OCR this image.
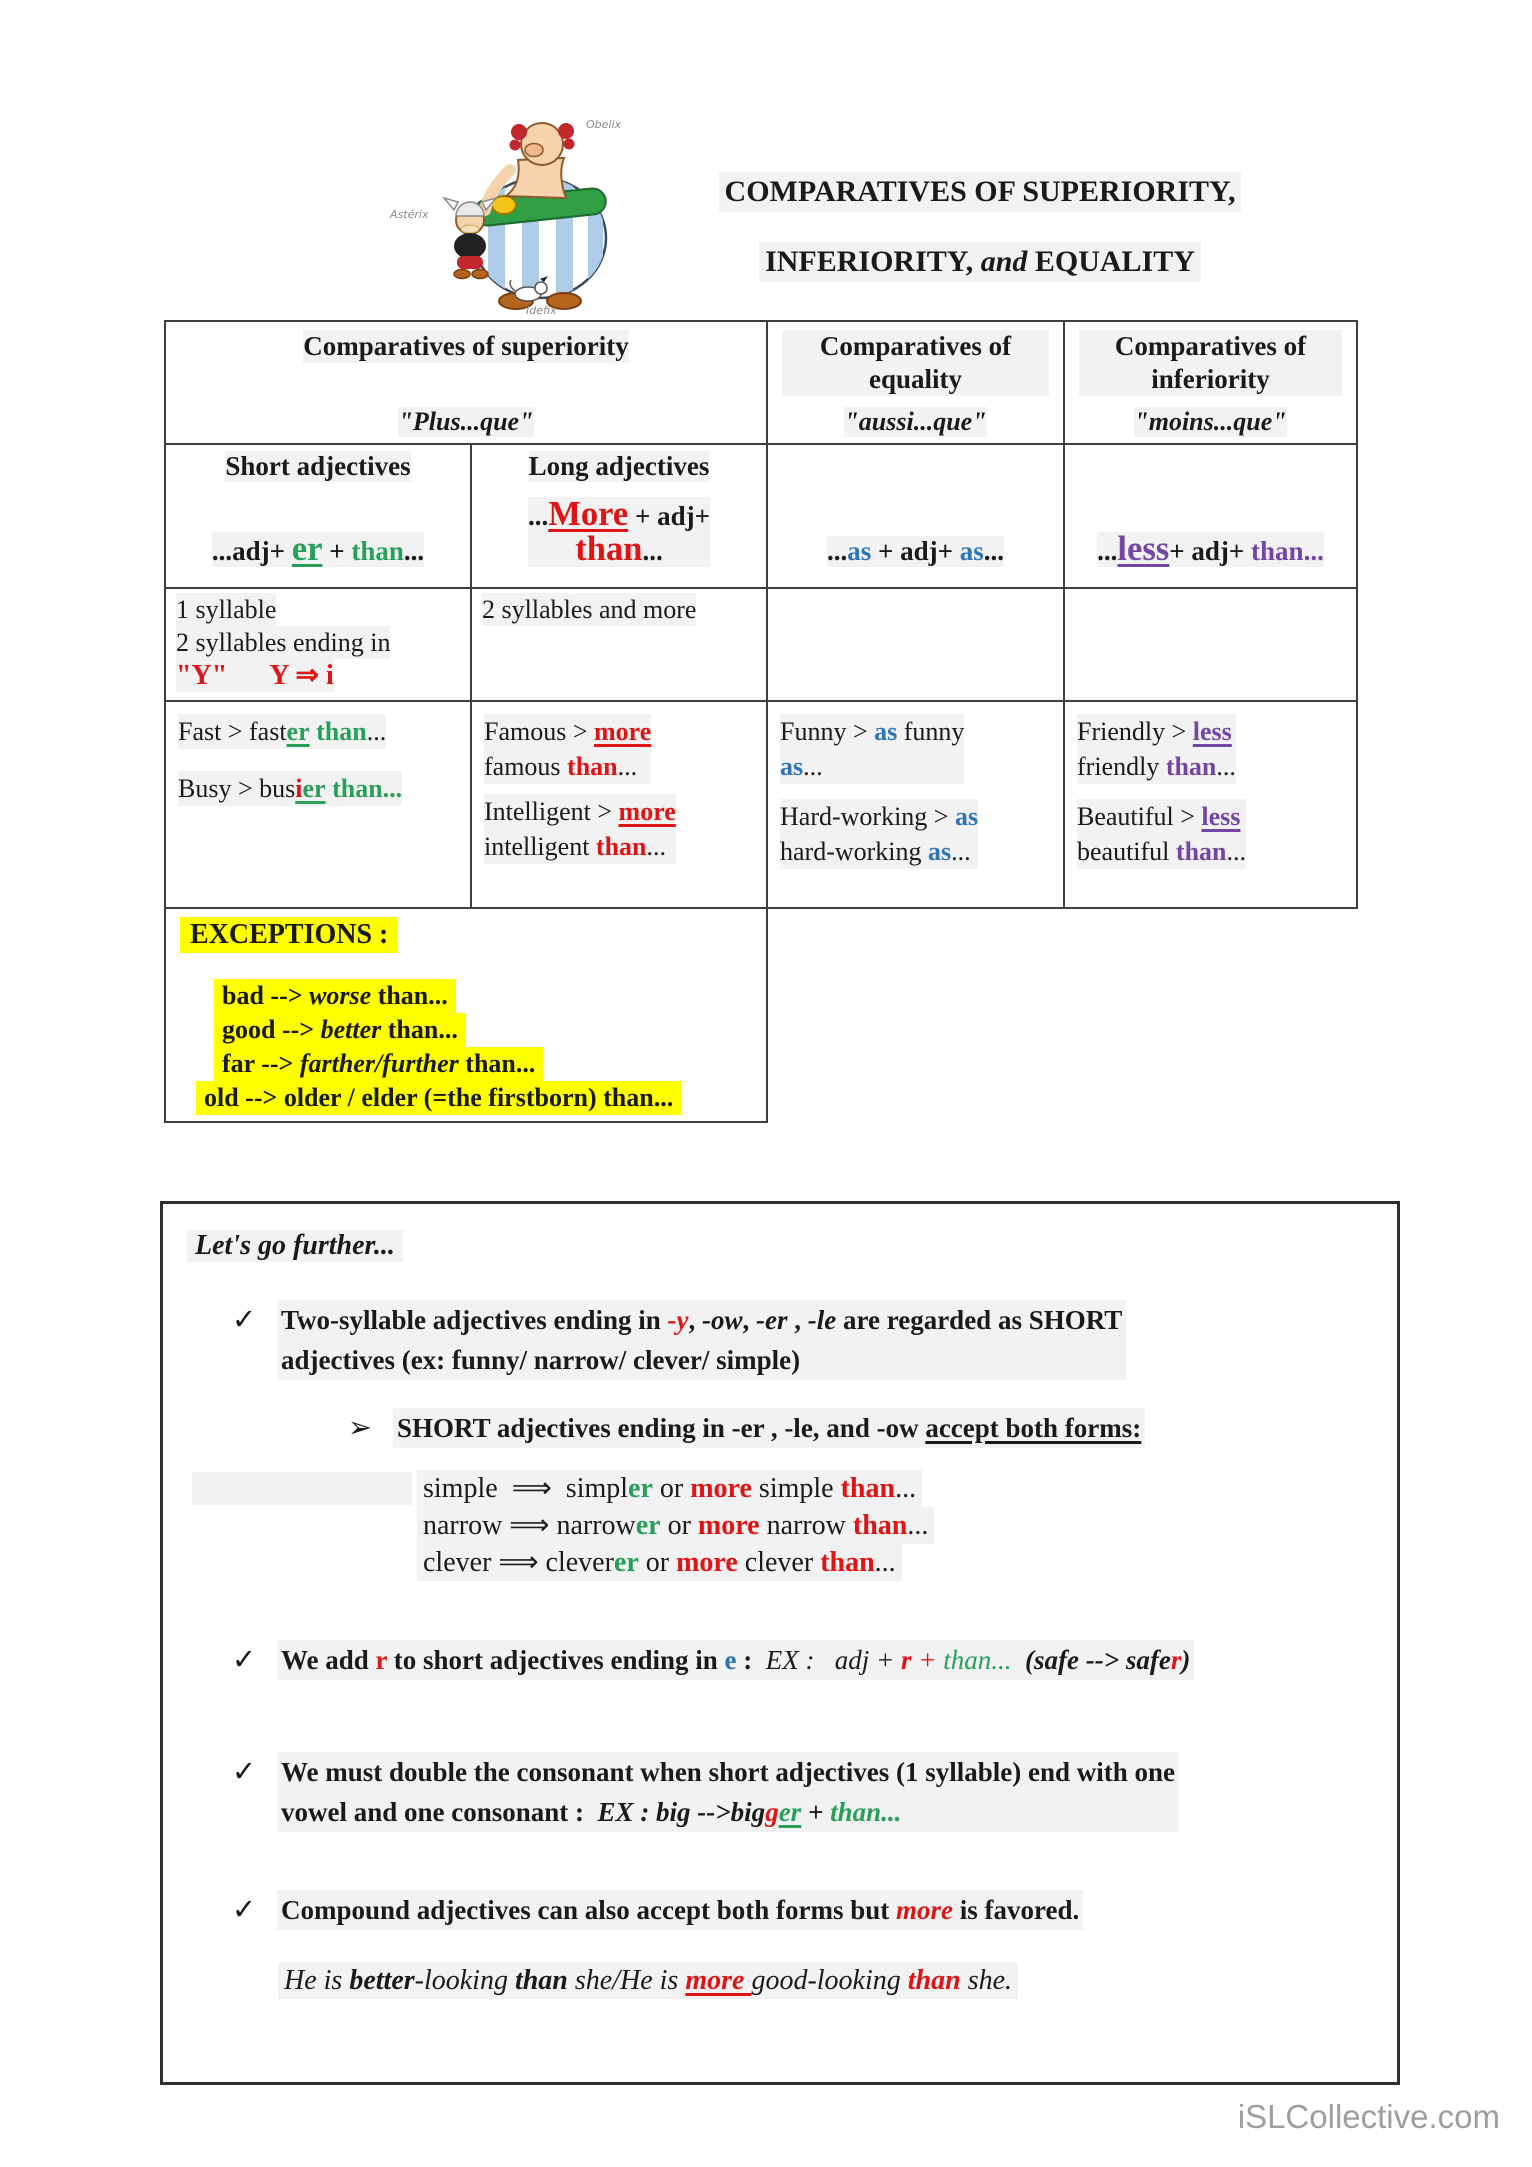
Obelix
Astérix
Idefix
COMPARATIVES OF SUPERIORITY,
INFERIORITY, and EQUALITY
Comparatives of superiority
"Plus...que"
Comparatives of equality
"aussi...que"
Comparatives of inferiority
"moins...que"
Short adjectives
...adj+ er + than...
Long adjectives
...More + adj+
than...	...as + adj+ as...	...less+ adj+ than...
1 syllable
2 syllables ending in
"Y" Y ⇒ i
2 syllables and more
Fast > faster than...
Busy > busier than...
Famous > more
famous than...
Intelligent > more
intelligent than...
Funny > as funny
as...
Hard-working > as
hard-working as...
Friendly > less
friendly than...
Beautiful > less
beautiful than...
EXCEPTIONS :
bad --> worse than...
good --> better than...
far --> farther/further than...
old --> older / elder (=the firstborn) than...
Let's go further...
✓ Two-syllable adjectives ending in -y, -ow, -er , -le are regarded as SHORT
adjectives (ex: funny/ narrow/ clever/ simple)
➢ SHORT adjectives ending in -er , -le, and -ow accept both forms:
simple  ⟹  simpler or more simple than...
narrow ⟹ narrower or more narrow than...
clever ⟹ cleverer or more clever than...
✓ We add r to short adjectives ending in e :  EX :   adj + r + than...  (safe --> safer)
✓ We must double the consonant when short adjectives (1 syllable) end with one
vowel and one consonant :  EX : big -->bigger + than...
✓ Compound adjectives can also accept both forms but more is favored.
He is better-looking than she/He is more good-looking than she.
iSLCollective.com
